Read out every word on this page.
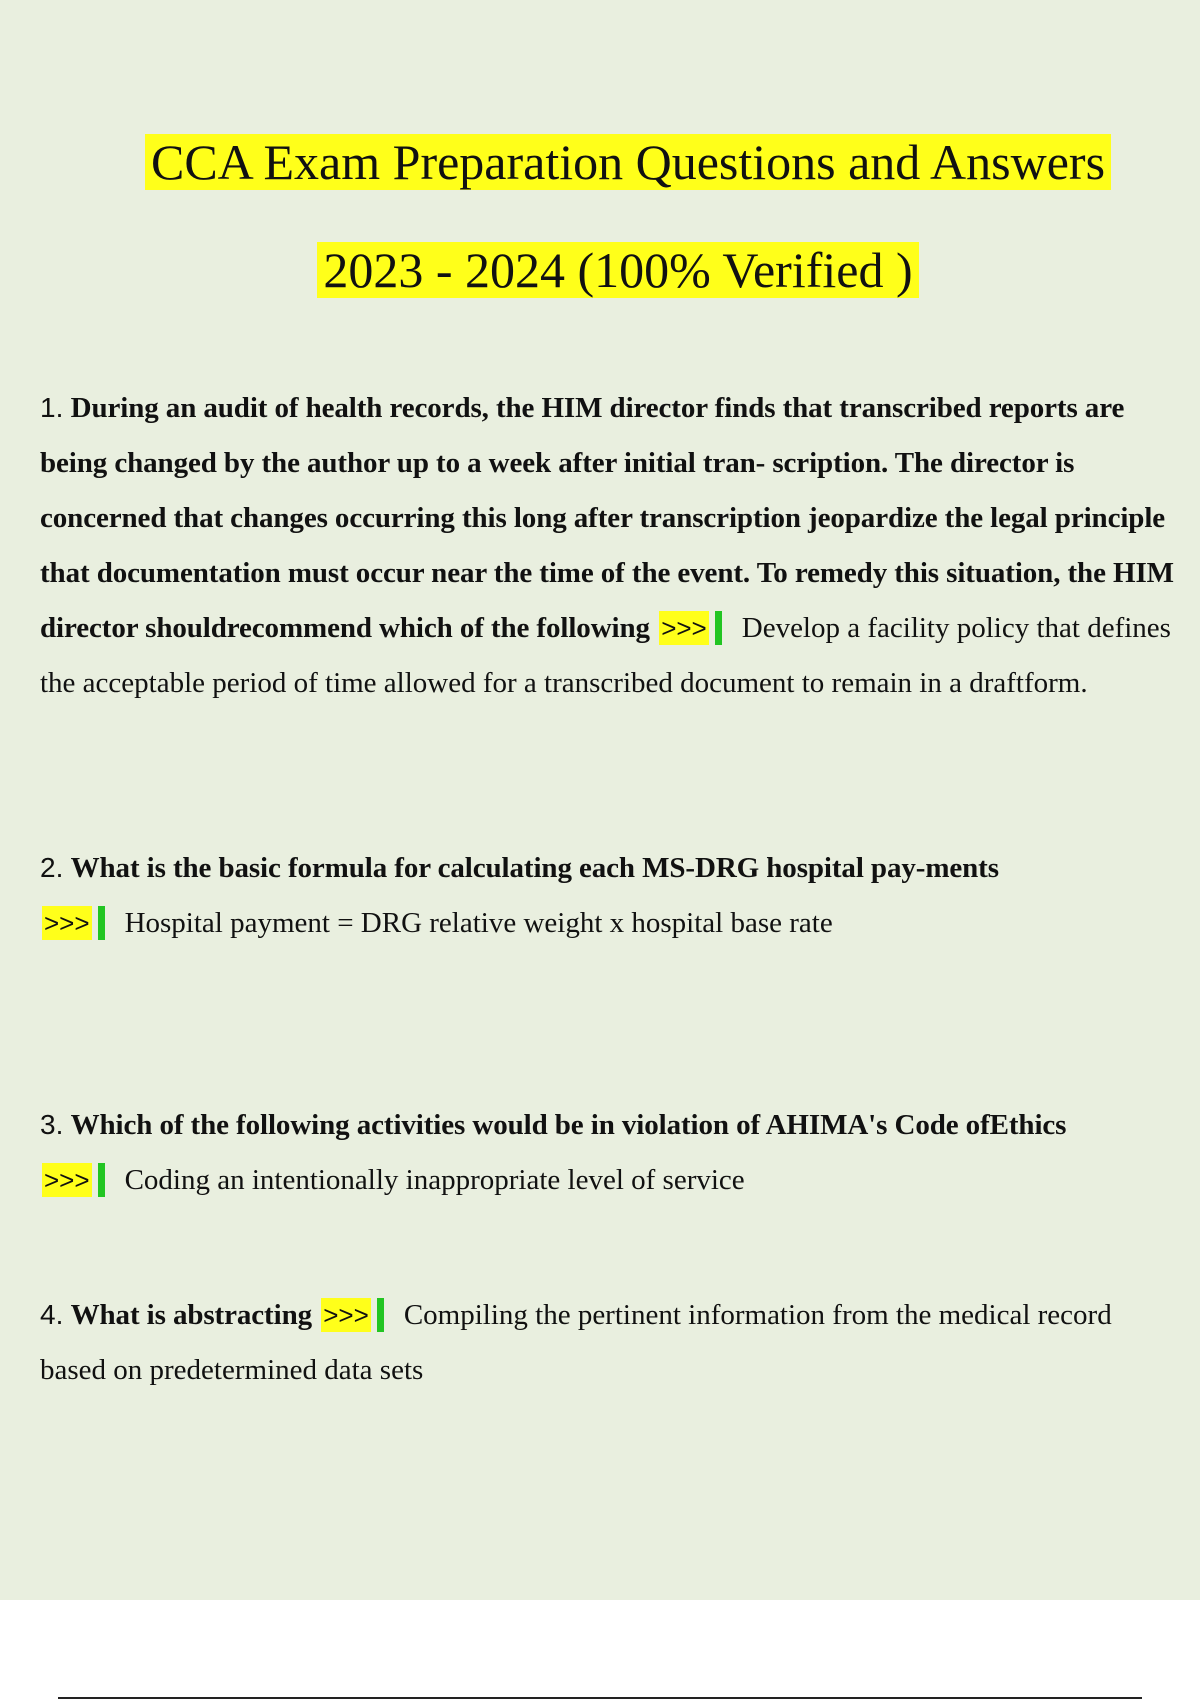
CCA Exam Preparation Questions and Answers
2023 - 2024 (100% Verified )

1. During an audit of health records, the HIM director finds that transcribed reports are being changed by the author up to a week after initial tran- scription. The director is concerned that changes occurring this long after transcription jeopardize the legal principle that documentation must occur near the time of the event. To remedy this situation, the HIM director shouldrecommend which of the following >>> Develop a facility policy that defines the acceptable period of time allowed for a transcribed document to remain in a draftform.

2. What is the basic formula for calculating each MS-DRG hospital pay-ments
>>> Hospital payment = DRG relative weight x hospital base rate

3. Which of the following activities would be in violation of AHIMA's Code ofEthics
>>> Coding an intentionally inappropriate level of service

4. What is abstracting >>> Compiling the pertinent information from the medical record based on predetermined data sets
